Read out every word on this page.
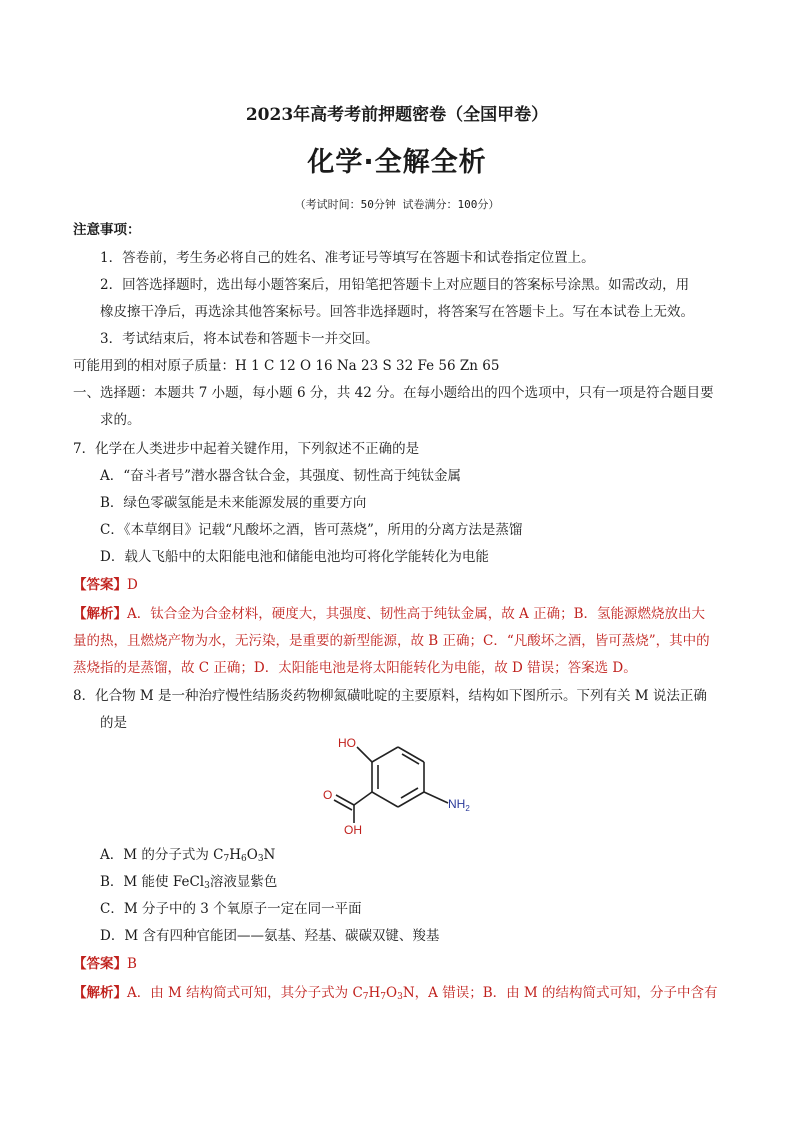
2023年高考考前押题密卷（全国甲卷）
化学·全解全析
（考试时间：50分钟 试卷满分：100分）
注意事项：
1．答卷前，考生务必将自己的姓名、准考证号等填写在答题卡和试卷指定位置上。
2．回答选择题时，选出每小题答案后，用铅笔把答题卡上对应题目的答案标号涂黑。如需改动，用
橡皮擦干净后，再选涂其他答案标号。回答非选择题时，将答案写在答题卡上。写在本试卷上无效。
3．考试结束后，将本试卷和答题卡一并交回。
可能用到的相对原子质量：H 1 C 12 O 16 Na 23 S 32 Fe 56 Zn 65
一、选择题：本题共 7 小题，每小题 6 分，共 42 分。在每小题给出的四个选项中，只有一项是符合题目要
求的。
7．化学在人类进步中起着关键作用，下列叙述不正确的是
A．“奋斗者号”潜水器含钛合金，其强度、韧性高于纯钛金属
B．绿色零碳氢能是未来能源发展的重要方向
C．《本草纲目》记载“凡酸坏之酒，皆可蒸烧”，所用的分离方法是蒸馏
D．载人飞船中的太阳能电池和储能电池均可将化学能转化为电能
【答案】D
【解析】A．钛合金为合金材料，硬度大，其强度、韧性高于纯钛金属，故 A 正确；B．氢能源燃烧放出大
量的热，且燃烧产物为水，无污染，是重要的新型能源，故 B 正确；C．“凡酸坏之酒，皆可蒸烧”，其中的
蒸烧指的是蒸馏，故 C 正确；D．太阳能电池是将太阳能转化为电能，故 D 错误；答案选 D。
8．化合物 M 是一种治疗慢性结肠炎药物柳氮磺吡啶的主要原料，结构如下图所示。下列有关 M 说法正确
的是
HO
O
OH
$NH_2$
A．M 的分子式为 $C_7H_6O_3N$
B．M 能使 FeCl$_3$溶液显紫色
C．M 分子中的 3 个氧原子一定在同一平面
D．M 含有四种官能团——氨基、羟基、碳碳双键、羧基
【答案】B
【解析】A．由 M 结构简式可知，其分子式为 $C_7H_7O_3N$，A 错误；B．由 M 的结构简式可知，分子中含有
